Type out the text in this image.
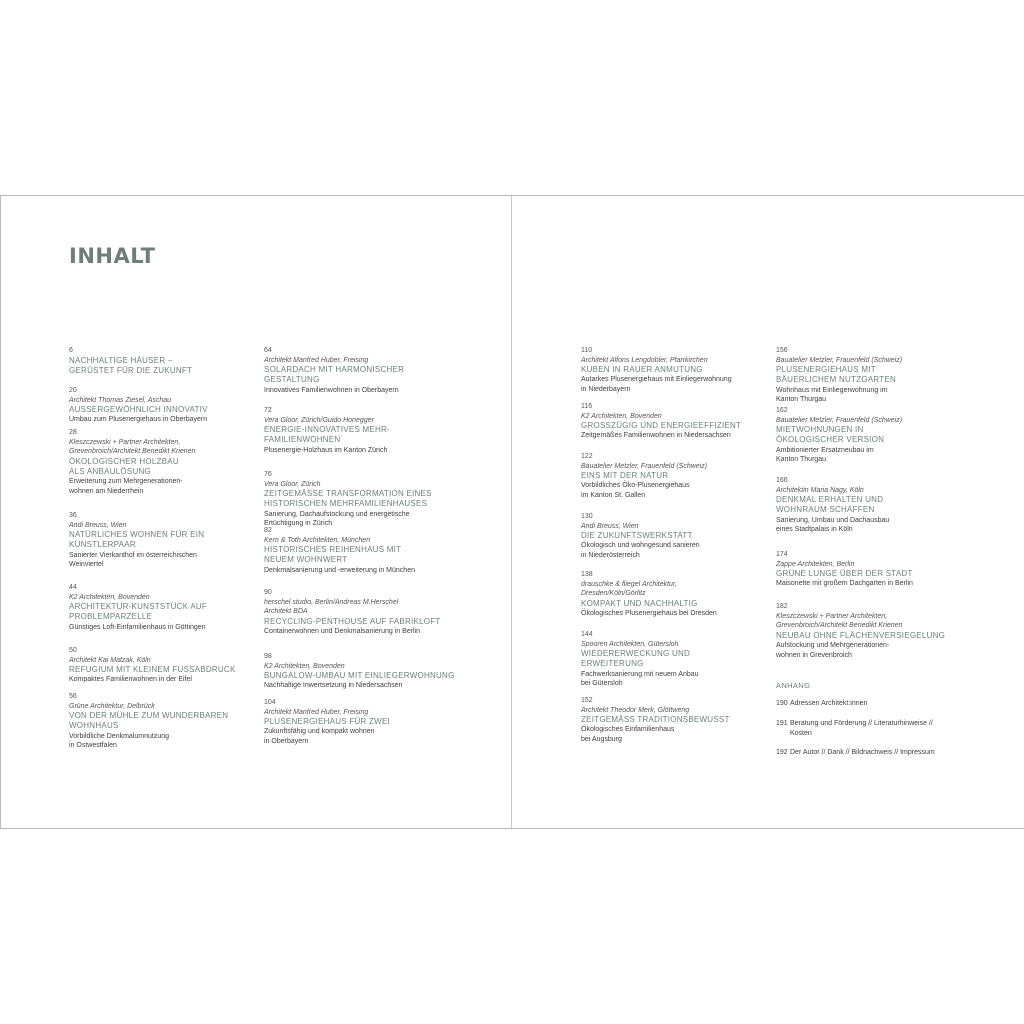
INHALT
6
NACHHALTIGE HÄUSER –
GERÜSTET FÜR DIE ZUKUNFT
20
Architekt Thomas Ziesel, Aschau
AUSSERGEWÖHNLICH INNOVATIV
Umbau zum Plusenergiehaus in Oberbayern
28
Kleszczewski + Partner Architekten,
Grevenbroich/Architekt Benedikt Krienen
ÖKOLOGISCHER HOLZBAU
ALS ANBAULÖSUNG
Erweiterung zum Mehrgenerationen-
wohnen am Niederrhein
36
Andi Breuss, Wien
NATÜRLICHES WOHNEN FÜR EIN
KÜNSTLERPAAR
Sanierter Vierkanthof im österreichischen
Weinviertel
44
K2 Architekten, Bovenden
ARCHITEKTUR-KUNSTSTÜCK AUF
PROBLEMPARZELLE
Günstiges Loft-Einfamilienhaus in Göttingen
50
Architekt Kai Matzak, Köln
REFUGIUM MIT KLEINEM FUSSABDRUCK
Kompaktes Familienwohnen in der Eifel
56
Grüne Architektur, Delbrück
VON DER MÜHLE ZUM WUNDERBAREN
WOHNHAUS
Vorbildliche Denkmalumnutzung
in Ostwestfalen
64
Architekt Manfred Huber, Freising
SOLARDACH MIT HARMONISCHER
GESTALTUNG
Innovatives Familienwohnen in Oberbayern
72
Vera Gloor, Zürich/Guido Honegger
ENERGIE-INNOVATIVES MEHR-
FAMILIENWOHNEN
Plusenergie-Holzhaus im Kanton Zürich
76
Vera Gloor, Zürich
ZEITGEMÄSSE TRANSFORMATION EINES
HISTORISCHEN MEHRFAMILIENHAUSES
Sanierung, Dachaufstockung und energetische
Ertüchtigung in Zürich
82
Kern & Toth Architekten, München
HISTORISCHES REIHENHAUS MIT
NEUEM WOHNWERT
Denkmalsanierung und -erweiterung in München
90
herschel studio, Berlin/Andreas M.Herschel
Architekt BDA
RECYCLING-PENTHOUSE AUF FABRIKLOFT
Containerwohnen und Denkmalsanierung in Berlin
98
K2 Architekten, Bovenden
BUNGALOW-UMBAU MIT EINLIEGERWOHNUNG
Nachhaltige Inwertsetzung in Niedersachsen
104
Architekt Manfred Huber, Freising
PLUSENERGIEHAUS FÜR ZWEI
Zukunftsfähig und kompakt wohnen
in Oberbayern
110
Architekt Alfons Lengdobler, Pfarrkirchen
KUBEN IN RAUER ANMUTUNG
Autarkes Plusenergiehaus mit Einliegerwohnung
in Niederbayern
116
K2 Architekten, Bovenden
GROSSZÜGIG UND ENERGIEEFFIZIENT
Zeitgemäßes Familienwohnen in Niedersachsen
122
Bauatelier Metzler, Frauenfeld (Schweiz)
EINS MIT DER NATUR
Vorbildliches Öko-Plusenergiehaus
im Kanton St. Gallen
130
Andi Breuss, Wien
DIE ZUKUNFTSWERKSTATT
Ökologisch und wohngesund sanieren
in Niederösterreich
138
drauschke & fliegel Architektur,
Dresden/Köln/Görlitz
KOMPAKT UND NACHHALTIG
Ökologisches Plusenergiehaus bei Dresden
144
Spooren Architekten, Gütersloh
WIEDERERWECKUNG UND
ERWEITERUNG
Fachwerksanierung mit neuem Anbau
bei Gütersloh
152
Architekt Theodor Merk, Glöttweng
ZEITGEMÄSS TRADITIONSBEWUSST
Ökologisches Einfamilienhaus
bei Augsburg
ANHANG
190 Adressen Architekt:innen
191 Beratung und Förderung // Literaturhinweise //
Kosten
192 Der Autor // Dank // Bildnachweis // Impressum
156
Bauatelier Metzler, Frauenfeld (Schweiz)
PLUSENERGIEHAUS MIT
BÄUERLICHEM NUTZGARTEN
Wohnhaus mit Einliegerwohnung im
Kanton Thurgau
162
Bauatelier Metzler, Frauenfeld (Schweiz)
MIETWOHNUNGEN IN
ÖKOLOGISCHER VERSION
Ambitionierter Ersatzneubau im
Kanton Thurgau
166
Architektin Maria Nagy, Köln
DENKMAL ERHALTEN UND
WOHNRAUM SCHAFFEN
Sanierung, Umbau und Dachausbau
eines Stadtpalais in Köln
174
Zappe Architekten, Berlin
GRÜNE LUNGE ÜBER DER STADT
Maisonette mit großem Dachgarten in Berlin
182
Kleszczewski + Partner Architekten,
Grevenbroich/Architekt Benedikt Krienen
NEUBAU OHNE FLÄCHENVERSIEGELUNG
Aufstockung und Mehrgenerationen-
wohnen in Grevenbroich
